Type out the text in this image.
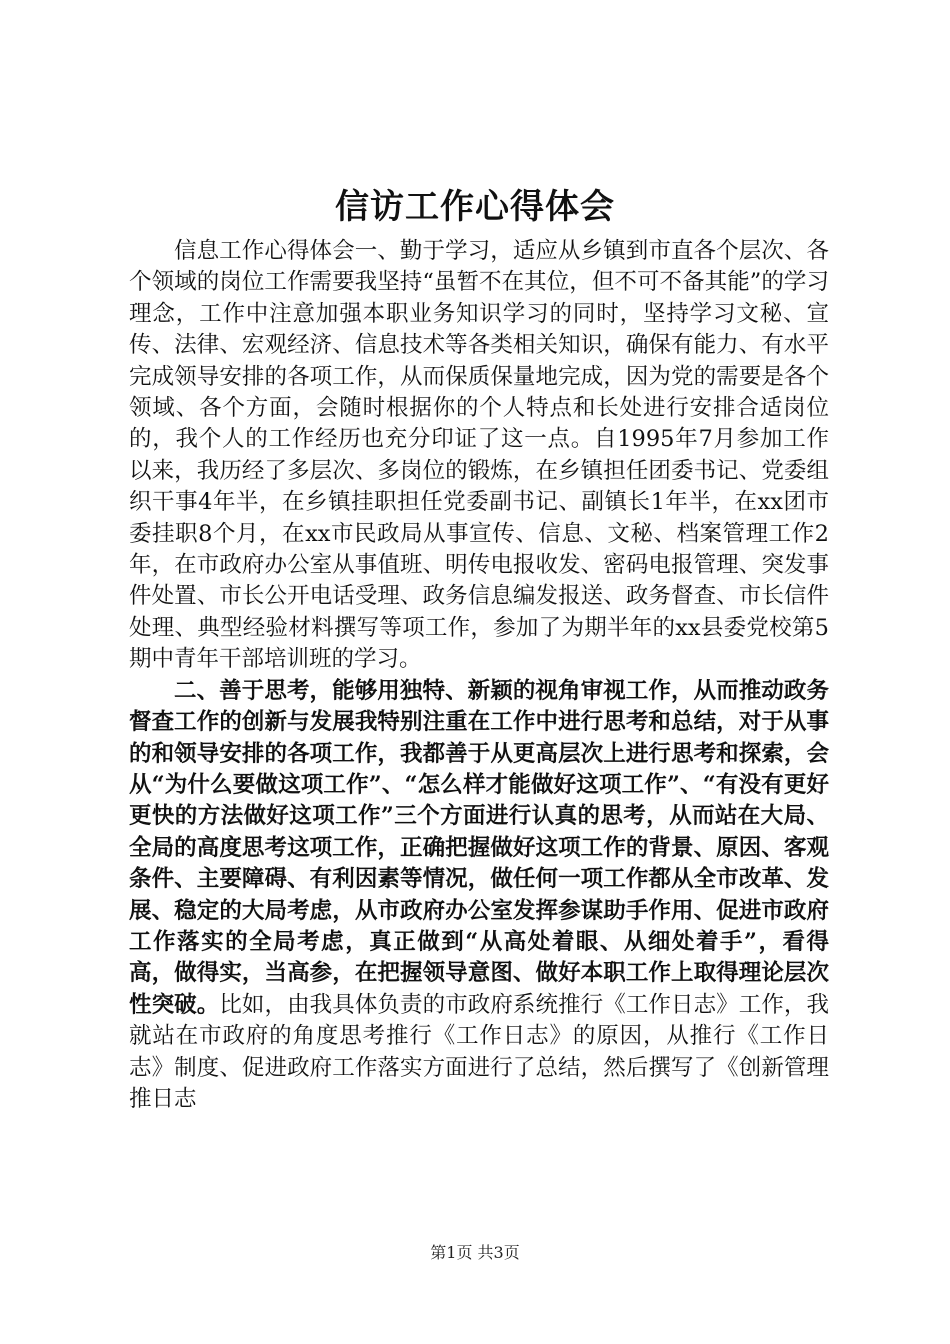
信访工作心得体会

信息工作心得体会一、勤于学习，适应从乡镇到市直各个层次、各个领域的岗位工作需要我坚持“虽暂不在其位，但不可不备其能”的学习理念，工作中注意加强本职业务知识学习的同时，坚持学习文秘、宣传、法律、宏观经济、信息技术等各类相关知识，确保有能力、有水平完成领导安排的各项工作，从而保质保量地完成，因为党的需要是各个领域、各个方面，会随时根据你的个人特点和长处进行安排合适岗位的，我个人的工作经历也充分印证了这一点。自1995年7月参加工作以来，我历经了多层次、多岗位的锻炼，在乡镇担任团委书记、党委组织干事4年半，在乡镇挂职担任党委副书记、副镇长1年半，在xx团市委挂职8个月，在xx市民政局从事宣传、信息、文秘、档案管理工作2年，在市政府办公室从事值班、明传电报收发、密码电报管理、突发事件处置、市长公开电话受理、政务信息编发报送、政务督查、市长信件处理、典型经验材料撰写等项工作，参加了为期半年的xx县委党校第5期中青年干部培训班的学习。

二、善于思考，能够用独特、新颖的视角审视工作，从而推动政务督查工作的创新与发展我特别注重在工作中进行思考和总结，对于从事的和领导安排的各项工作，我都善于从更高层次上进行思考和探索，会从“为什么要做这项工作”、“怎么样才能做好这项工作”、“有没有更好更快的方法做好这项工作”三个方面进行认真的思考，从而站在大局、全局的高度思考这项工作，正确把握做好这项工作的背景、原因、客观条件、主要障碍、有利因素等情况，做任何一项工作都从全市改革、发展、稳定的大局考虑，从市政府办公室发挥参谋助手作用、促进市政府工作落实的全局考虑，真正做到“从高处着眼、从细处着手”，看得高，做得实，当高参，在把握领导意图、做好本职工作上取得理论层次性突破。比如，由我具体负责的市政府系统推行《工作日志》工作，我就站在市政府的角度思考推行《工作日志》的原因，从推行《工作日志》制度、促进政府工作落实方面进行了总结，然后撰写了《创新管理推日志

第1页 共3页
